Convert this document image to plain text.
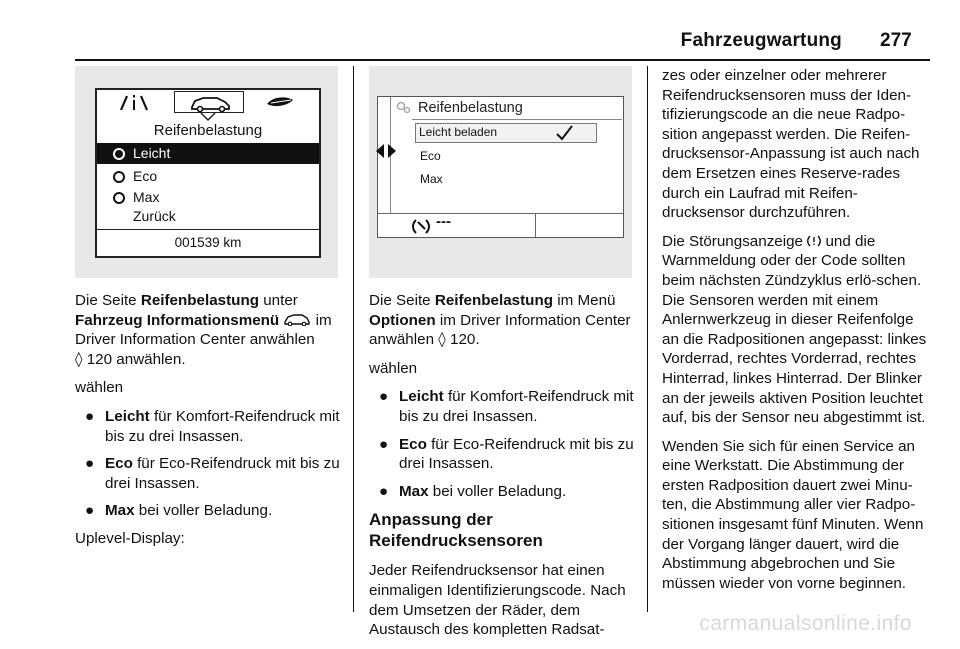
Fahrzeugwartung 277
Reifenbelastung
Leicht
Eco
Max
Zurück
001539 km
Reifenbelastung
Leicht beladen
Eco
Max
---

Die Seite Reifenbelastung unter
Fahrzeug Informationsmenü  im
Driver Information Center anwählen
◊ 120 anwählen.

wählen

● Leicht für Komfort-Reifendruck mit bis zu drei Insassen.
● Eco für Eco-Reifendruck mit bis zu drei Insassen.
● Max bei voller Beladung.

Uplevel-Display:

Die Seite Reifenbelastung im Menü
Optionen im Driver Information Center anwählen ◊ 120.

wählen

● Leicht für Komfort-Reifendruck mit bis zu drei Insassen.
● Eco für Eco-Reifendruck mit bis zu drei Insassen.
● Max bei voller Beladung.
Anpassung der Reifendrucksensoren

Jeder Reifendrucksensor hat einen einmaligen Identifizierungscode. Nach dem Umsetzen der Räder, dem Austausch des kompletten Radsat-

zes oder einzelner oder mehrerer Reifendrucksensoren muss der Iden-tifizierungscode an die neue Radpo-sition angepasst werden. Die Reifen-drucksensor-Anpassung ist auch nach dem Ersetzen eines Reserve-rades durch ein Laufrad mit Reifen-drucksensor durchzuführen.

Die Störungsanzeige  und die Warnmeldung oder der Code sollten beim nächsten Zündzyklus erlö-schen. Die Sensoren werden mit einem Anlernwerkzeug in dieser Reifenfolge an die Radpositionen angepasst: linkes Vorderrad, rechtes Vorderrad, rechtes Hinterrad, linkes Hinterrad. Der Blinker an der jeweils aktiven Position leuchtet auf, bis der Sensor neu abgestimmt ist.

Wenden Sie sich für einen Service an eine Werkstatt. Die Abstimmung der ersten Radposition dauert zwei Minu-ten, die Abstimmung aller vier Radpo-sitionen insgesamt fünf Minuten. Wenn der Vorgang länger dauert, wird die Abstimmung abgebrochen und Sie müssen wieder von vorne beginnen.

carmanualsonline.info
